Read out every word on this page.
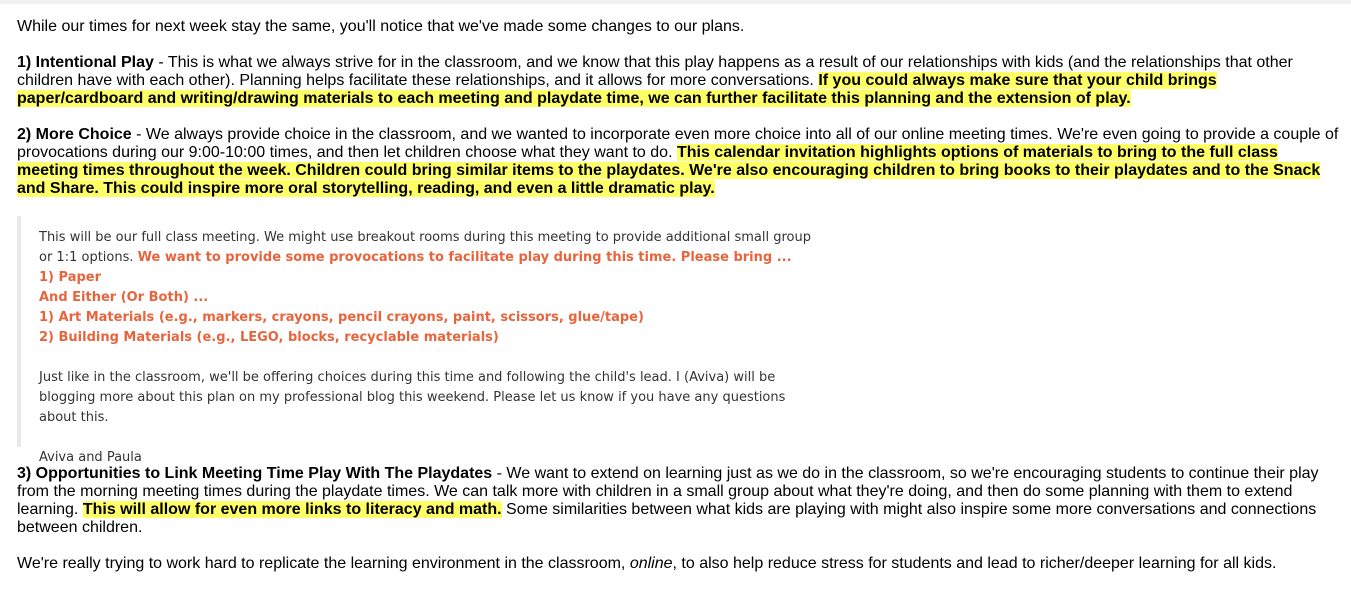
While our times for next week stay the same, you'll notice that we've made some changes to our plans.

1) Intentional Play - This is what we always strive for in the classroom, and we know that this play happens as a result of our relationships with kids (and the relationships that other children have with each other). Planning helps facilitate these relationships, and it allows for more conversations. If you could always make sure that your child brings paper/cardboard and writing/drawing materials to each meeting and playdate time, we can further facilitate this planning and the extension of play.

2) More Choice - We always provide choice in the classroom, and we wanted to incorporate even more choice into all of our online meeting times. We're even going to provide a couple of provocations during our 9:00-10:00 times, and then let children choose what they want to do. This calendar invitation highlights options of materials to bring to the full class meeting times throughout the week. Children could bring similar items to the playdates. We're also encouraging children to bring books to their playdates and to the Snack and Share. This could inspire more oral storytelling, reading, and even a little dramatic play.

This will be our full class meeting. We might use breakout rooms during this meeting to provide additional small group or 1:1 options. We want to provide some provocations to facilitate play during this time. Please bring ...
1) Paper
And Either (Or Both) ...
1) Art Materials (e.g., markers, crayons, pencil crayons, paint, scissors, glue/tape)
2) Building Materials (e.g., LEGO, blocks, recyclable materials)
Just like in the classroom, we'll be offering choices during this time and following the child's lead. I (Aviva) will be blogging more about this plan on my professional blog this weekend. Please let us know if you have any questions about this.
Aviva and Paula

3) Opportunities to Link Meeting Time Play With The Playdates - We want to extend on learning just as we do in the classroom, so we're encouraging students to continue their play from the morning meeting times during the playdate times. We can talk more with children in a small group about what they're doing, and then do some planning with them to extend learning. This will allow for even more links to literacy and math. Some similarities between what kids are playing with might also inspire some more conversations and connections between children.

We're really trying to work hard to replicate the learning environment in the classroom, online, to also help reduce stress for students and lead to richer/deeper learning for all kids.
